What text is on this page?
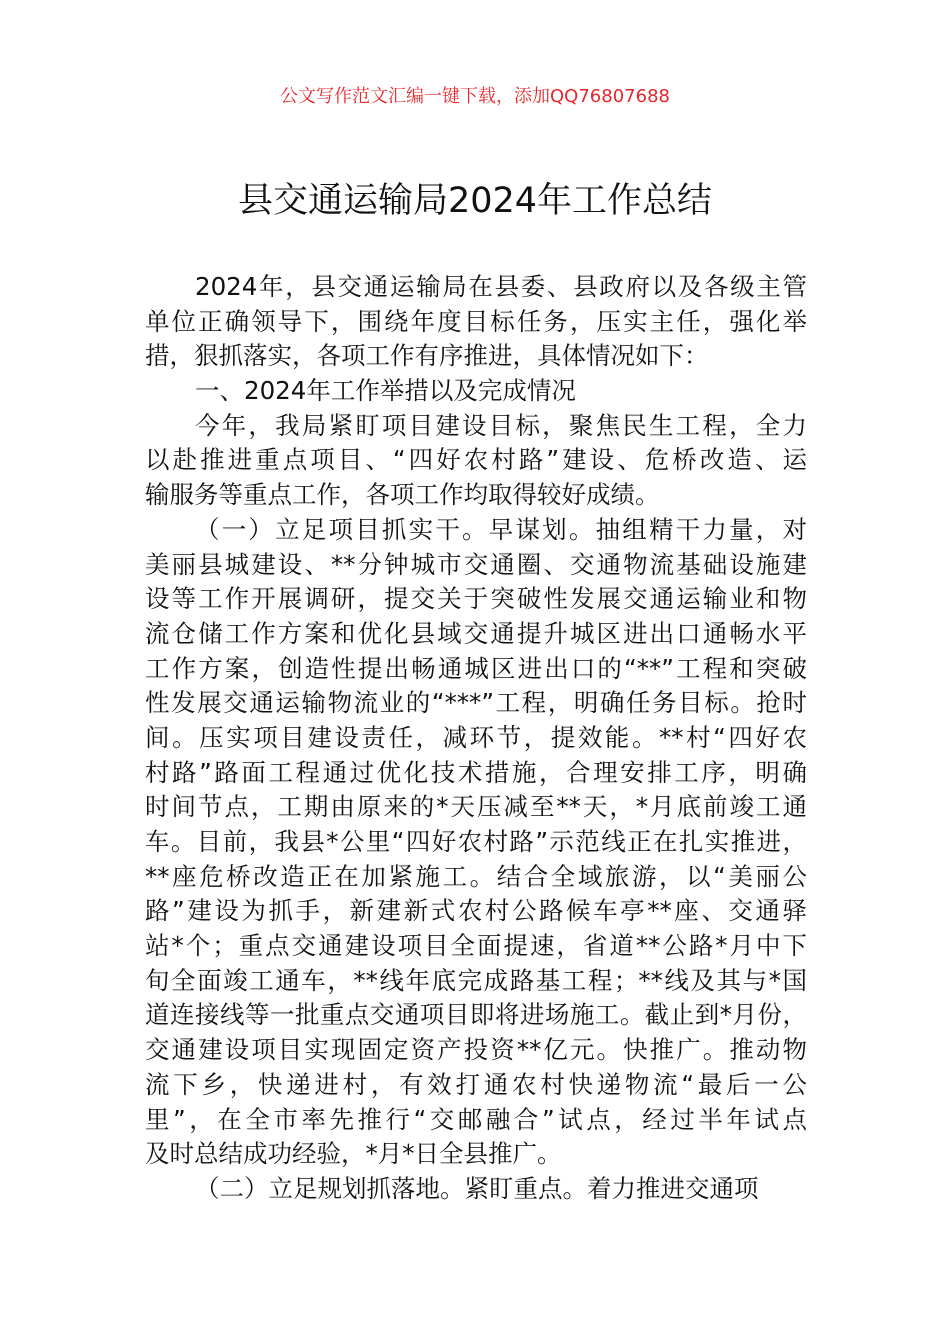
公文写作范文汇编一键下载，添加QQ76807688
县交通运输局2024年工作总结
2024年，县交通运输局在县委、县政府以及各级主管
单位正确领导下，围绕年度目标任务，压实主任，强化举
措，狠抓落实，各项工作有序推进，具体情况如下：
一、2024年工作举措以及完成情况
今年，我局紧盯项目建设目标，聚焦民生工程，全力
以赴推进重点项目、“四好农村路”建设、危桥改造、运
输服务等重点工作，各项工作均取得较好成绩。
（一）立足项目抓实干。早谋划。抽组精干力量，对
美丽县城建设、**分钟城市交通圈、交通物流基础设施建
设等工作开展调研，提交关于突破性发展交通运输业和物
流仓储工作方案和优化县域交通提升城区进出口通畅水平
工作方案，创造性提出畅通城区进出口的“**”工程和突破
性发展交通运输物流业的“***”工程，明确任务目标。抢时
间。压实项目建设责任，减环节，提效能。**村“四好农
村路”路面工程通过优化技术措施，合理安排工序，明确
时间节点，工期由原来的*天压减至**天，*月底前竣工通
车。目前，我县*公里“四好农村路”示范线正在扎实推进，
**座危桥改造正在加紧施工。结合全域旅游，以“美丽公
路”建设为抓手，新建新式农村公路候车亭**座、交通驿
站*个；重点交通建设项目全面提速，省道**公路*月中下
旬全面竣工通车，**线年底完成路基工程；**线及其与*国
道连接线等一批重点交通项目即将进场施工。截止到*月份，
交通建设项目实现固定资产投资**亿元。快推广。推动物
流下乡，快递进村，有效打通农村快递物流“最后一公
里”，在全市率先推行“交邮融合”试点，经过半年试点
及时总结成功经验，*月*日全县推广。
（二）立足规划抓落地。紧盯重点。着力推进交通项
